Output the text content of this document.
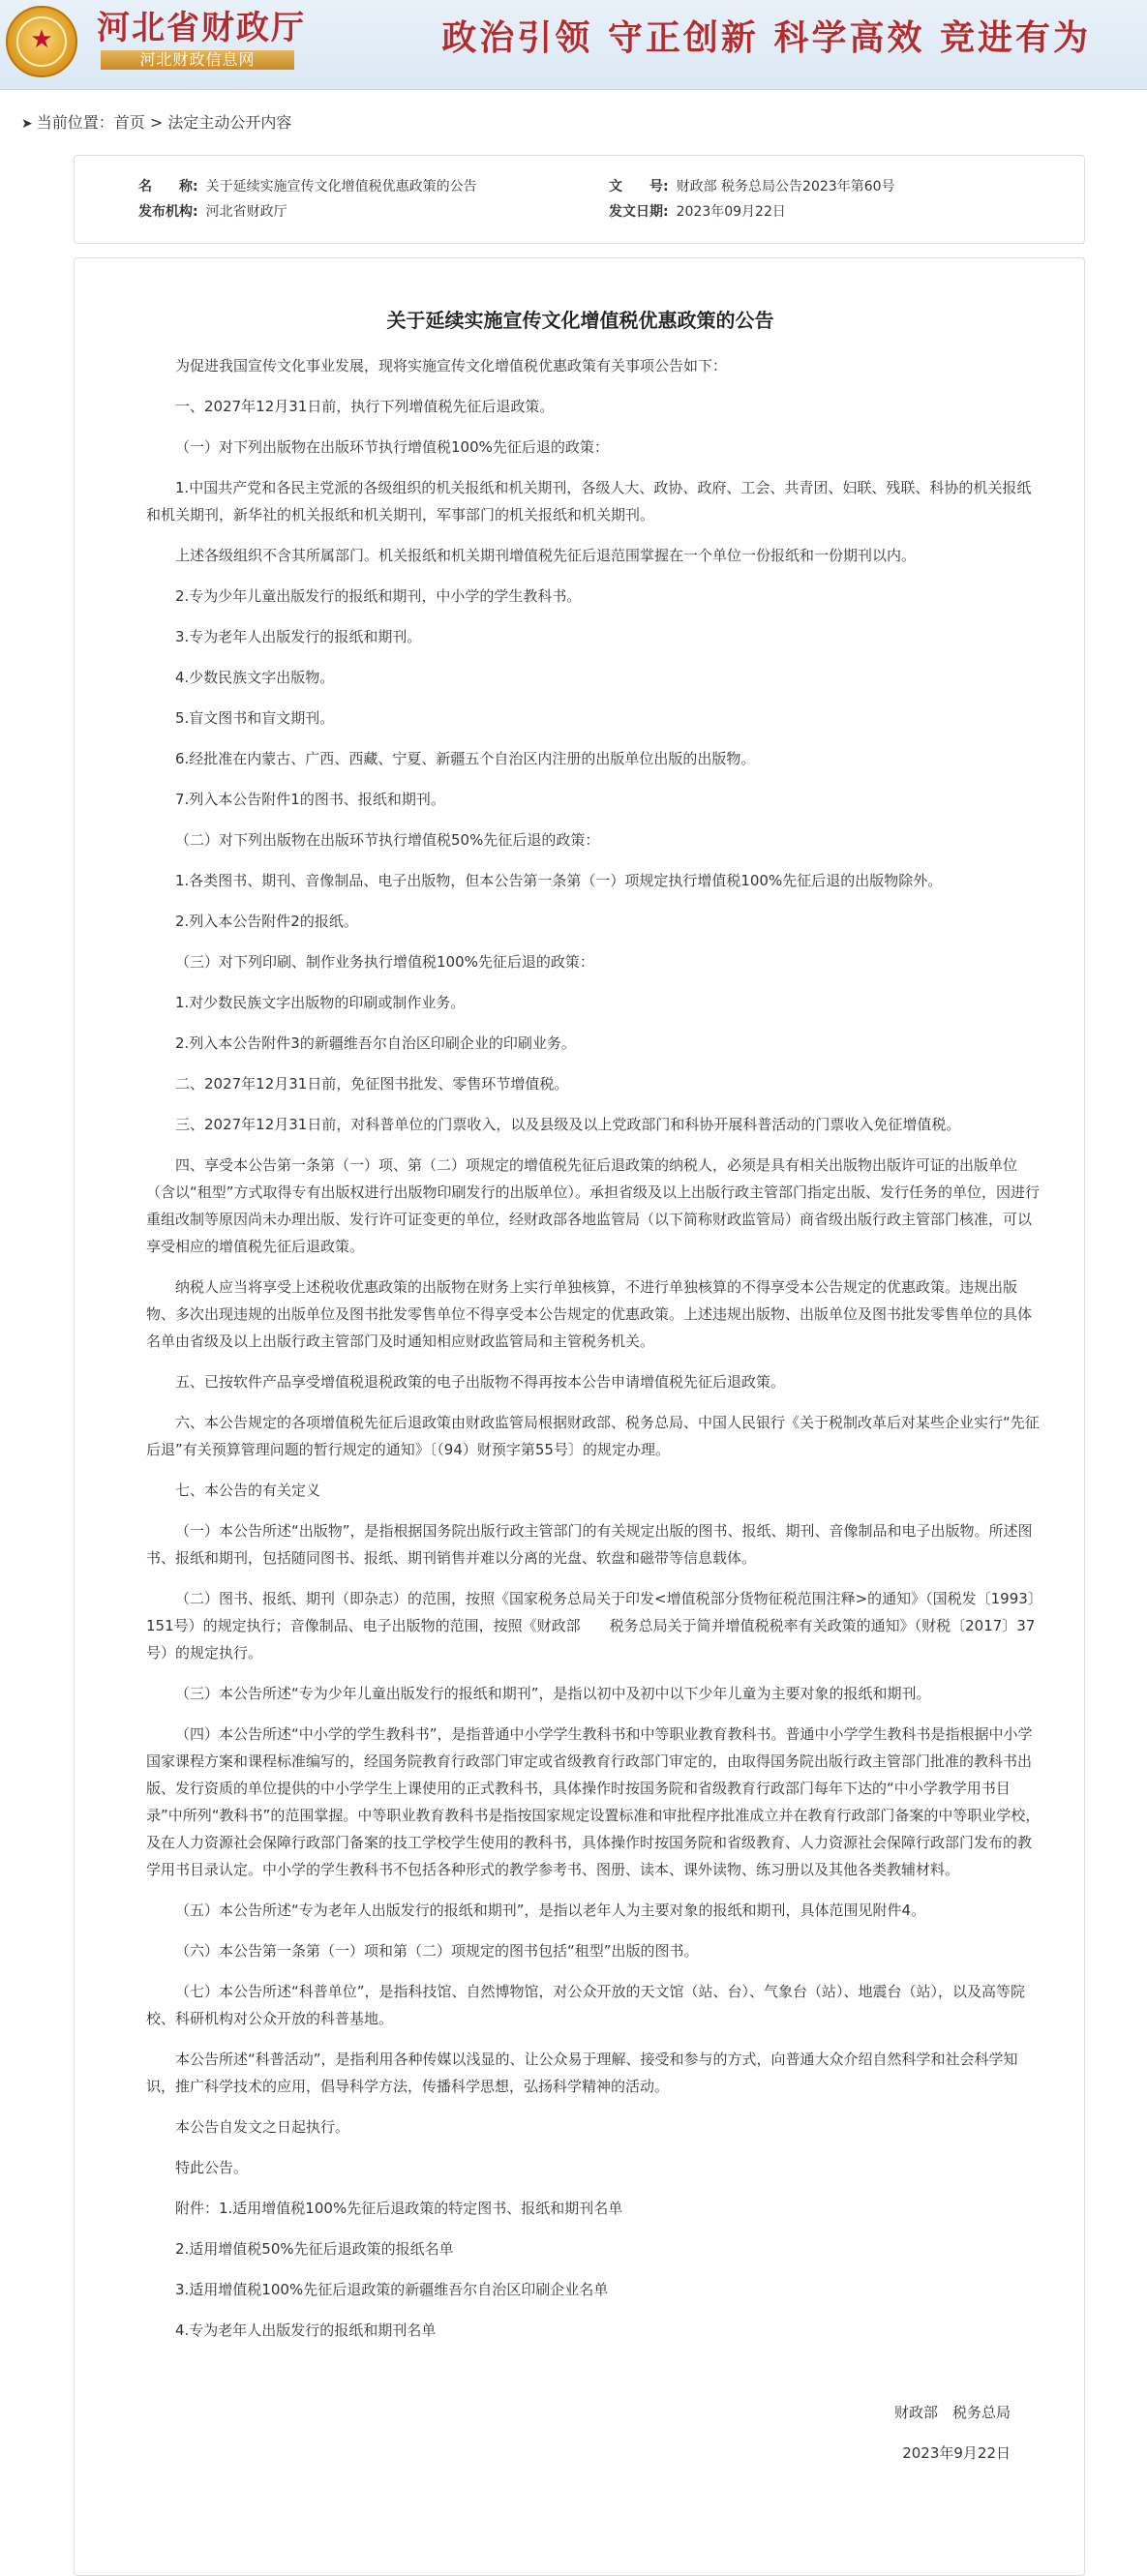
★	河北省财政厅
河北财政信息网
政治引领 守正创新 科学高效 竞进有为
➤ 当前位置：首页 > 法定主动公开内容
名　　称: 关于延续实施宣传文化增值税优惠政策的公告	文　　号: 财政部 税务总局公告2023年第60号
发布机构: 河北省财政厅	发文日期: 2023年09月22日
关于延续实施宣传文化增值税优惠政策的公告

为促进我国宣传文化事业发展，现将实施宣传文化增值税优惠政策有关事项公告如下：

一、2027年12月31日前，执行下列增值税先征后退政策。

（一）对下列出版物在出版环节执行增值税100%先征后退的政策：

1.中国共产党和各民主党派的各级组织的机关报纸和机关期刊，各级人大、政协、政府、工会、共青团、妇联、残联、科协的机关报纸和机关期刊，新华社的机关报纸和机关期刊，军事部门的机关报纸和机关期刊。

上述各级组织不含其所属部门。机关报纸和机关期刊增值税先征后退范围掌握在一个单位一份报纸和一份期刊以内。

2.专为少年儿童出版发行的报纸和期刊，中小学的学生教科书。

3.专为老年人出版发行的报纸和期刊。

4.少数民族文字出版物。

5.盲文图书和盲文期刊。

6.经批准在内蒙古、广西、西藏、宁夏、新疆五个自治区内注册的出版单位出版的出版物。

7.列入本公告附件1的图书、报纸和期刊。

（二）对下列出版物在出版环节执行增值税50%先征后退的政策：

1.各类图书、期刊、音像制品、电子出版物，但本公告第一条第（一）项规定执行增值税100%先征后退的出版物除外。

2.列入本公告附件2的报纸。

（三）对下列印刷、制作业务执行增值税100%先征后退的政策：

1.对少数民族文字出版物的印刷或制作业务。

2.列入本公告附件3的新疆维吾尔自治区印刷企业的印刷业务。

二、2027年12月31日前，免征图书批发、零售环节增值税。

三、2027年12月31日前，对科普单位的门票收入，以及县级及以上党政部门和科协开展科普活动的门票收入免征增值税。

四、享受本公告第一条第（一）项、第（二）项规定的增值税先征后退政策的纳税人，必须是具有相关出版物出版许可证的出版单位（含以“租型”方式取得专有出版权进行出版物印刷发行的出版单位）。承担省级及以上出版行政主管部门指定出版、发行任务的单位，因进行重组改制等原因尚未办理出版、发行许可证变更的单位，经财政部各地监管局（以下简称财政监管局）商省级出版行政主管部门核准，可以享受相应的增值税先征后退政策。

纳税人应当将享受上述税收优惠政策的出版物在财务上实行单独核算，不进行单独核算的不得享受本公告规定的优惠政策。违规出版物、多次出现违规的出版单位及图书批发零售单位不得享受本公告规定的优惠政策。上述违规出版物、出版单位及图书批发零售单位的具体名单由省级及以上出版行政主管部门及时通知相应财政监管局和主管税务机关。

五、已按软件产品享受增值税退税政策的电子出版物不得再按本公告申请增值税先征后退政策。

六、本公告规定的各项增值税先征后退政策由财政监管局根据财政部、税务总局、中国人民银行《关于税制改革后对某些企业实行“先征后退”有关预算管理问题的暂行规定的通知》〔（94）财预字第55号〕的规定办理。

七、本公告的有关定义

（一）本公告所述“出版物”，是指根据国务院出版行政主管部门的有关规定出版的图书、报纸、期刊、音像制品和电子出版物。所述图书、报纸和期刊，包括随同图书、报纸、期刊销售并难以分离的光盘、软盘和磁带等信息载体。

（二）图书、报纸、期刊（即杂志）的范围，按照《国家税务总局关于印发<增值税部分货物征税范围注释>的通知》（国税发〔1993〕151号）的规定执行；音像制品、电子出版物的范围，按照《财政部　　税务总局关于简并增值税税率有关政策的通知》（财税〔2017〕37号）的规定执行。

（三）本公告所述“专为少年儿童出版发行的报纸和期刊”，是指以初中及初中以下少年儿童为主要对象的报纸和期刊。

（四）本公告所述“中小学的学生教科书”，是指普通中小学学生教科书和中等职业教育教科书。普通中小学学生教科书是指根据中小学国家课程方案和课程标准编写的，经国务院教育行政部门审定或省级教育行政部门审定的，由取得国务院出版行政主管部门批准的教科书出版、发行资质的单位提供的中小学学生上课使用的正式教科书，具体操作时按国务院和省级教育行政部门每年下达的“中小学教学用书目录”中所列“教科书”的范围掌握。中等职业教育教科书是指按国家规定设置标准和审批程序批准成立并在教育行政部门备案的中等职业学校，及在人力资源社会保障行政部门备案的技工学校学生使用的教科书，具体操作时按国务院和省级教育、人力资源社会保障行政部门发布的教学用书目录认定。中小学的学生教科书不包括各种形式的教学参考书、图册、读本、课外读物、练习册以及其他各类教辅材料。

（五）本公告所述“专为老年人出版发行的报纸和期刊”，是指以老年人为主要对象的报纸和期刊，具体范围见附件4。

（六）本公告第一条第（一）项和第（二）项规定的图书包括“租型”出版的图书。

（七）本公告所述“科普单位”，是指科技馆、自然博物馆，对公众开放的天文馆（站、台）、气象台（站）、地震台（站），以及高等院校、科研机构对公众开放的科普基地。

本公告所述“科普活动”，是指利用各种传媒以浅显的、让公众易于理解、接受和参与的方式，向普通大众介绍自然科学和社会科学知识，推广科学技术的应用，倡导科学方法，传播科学思想，弘扬科学精神的活动。

本公告自发文之日起执行。

特此公告。

附件：1.适用增值税100%先征后退政策的特定图书、报纸和期刊名单

2.适用增值税50%先征后退政策的报纸名单

3.适用增值税100%先征后退政策的新疆维吾尔自治区印刷企业名单

4.专为老年人出版发行的报纸和期刊名单

财政部　税务总局

2023年9月22日
